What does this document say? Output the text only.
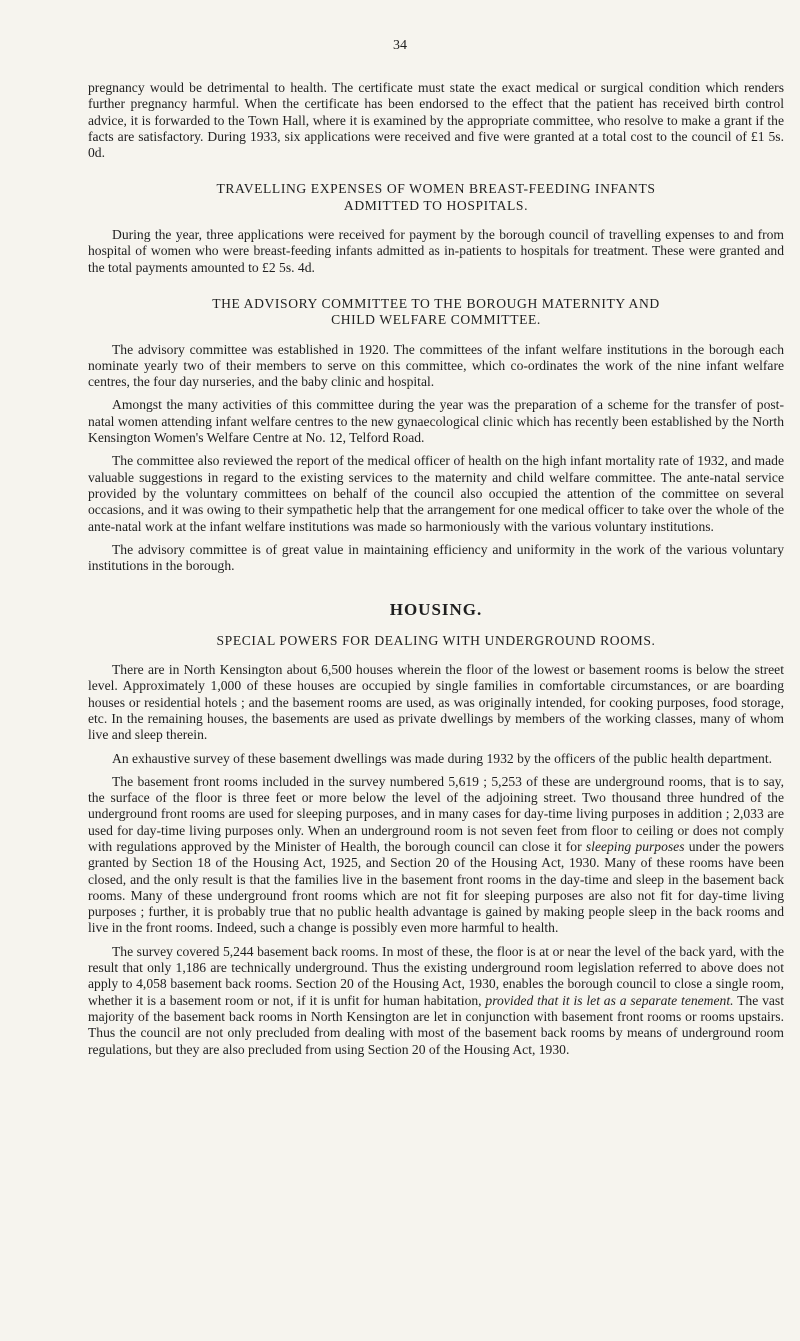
34

pregnancy would be detrimental to health. The certificate must state the exact medical or surgical condition which renders further pregnancy harmful. When the certificate has been endorsed to the effect that the patient has received birth control advice, it is forwarded to the Town Hall, where it is examined by the appropriate committee, who resolve to make a grant if the facts are satisfactory. During 1933, six applications were received and five were granted at a total cost to the council of £1 5s. 0d.

TRAVELLING EXPENSES OF WOMEN BREAST-FEEDING INFANTS
ADMITTED TO HOSPITALS.

During the year, three applications were received for payment by the borough council of travelling expenses to and from hospital of women who were breast-feeding infants admitted as in-patients to hospitals for treatment. These were granted and the total payments amounted to £2 5s. 4d.

THE ADVISORY COMMITTEE TO THE BOROUGH MATERNITY AND
CHILD WELFARE COMMITTEE.

The advisory committee was established in 1920. The committees of the infant welfare institutions in the borough each nominate yearly two of their members to serve on this committee, which co-ordinates the work of the nine infant welfare centres, the four day nurseries, and the baby clinic and hospital.

Amongst the many activities of this committee during the year was the preparation of a scheme for the transfer of post-natal women attending infant welfare centres to the new gynaecological clinic which has recently been established by the North Kensington Women's Welfare Centre at No. 12, Telford Road.

The committee also reviewed the report of the medical officer of health on the high infant mortality rate of 1932, and made valuable suggestions in regard to the existing services to the maternity and child welfare committee. The ante-natal service provided by the voluntary committees on behalf of the council also occupied the attention of the committee on several occasions, and it was owing to their sympathetic help that the arrangement for one medical officer to take over the whole of the ante-natal work at the infant welfare institutions was made so harmoniously with the various voluntary institutions.

The advisory committee is of great value in maintaining efficiency and uniformity in the work of the various voluntary institutions in the borough.

HOUSING.
SPECIAL POWERS FOR DEALING WITH UNDERGROUND ROOMS.

There are in North Kensington about 6,500 houses wherein the floor of the lowest or basement rooms is below the street level. Approximately 1,000 of these houses are occupied by single families in comfortable circumstances, or are boarding houses or residential hotels ; and the basement rooms are used, as was originally intended, for cooking purposes, food storage, etc. In the remaining houses, the basements are used as private dwellings by members of the working classes, many of whom live and sleep therein.

An exhaustive survey of these basement dwellings was made during 1932 by the officers of the public health department.

The basement front rooms included in the survey numbered 5,619 ; 5,253 of these are underground rooms, that is to say, the surface of the floor is three feet or more below the level of the adjoining street. Two thousand three hundred of the underground front rooms are used for sleeping purposes, and in many cases for day-time living purposes in addition ; 2,033 are used for day-time living purposes only. When an underground room is not seven feet from floor to ceiling or does not comply with regulations approved by the Minister of Health, the borough council can close it for sleeping purposes under the powers granted by Section 18 of the Housing Act, 1925, and Section 20 of the Housing Act, 1930. Many of these rooms have been closed, and the only result is that the families live in the basement front rooms in the day-time and sleep in the basement back rooms. Many of these underground front rooms which are not fit for sleeping purposes are also not fit for day-time living purposes ; further, it is probably true that no public health advantage is gained by making people sleep in the back rooms and live in the front rooms. Indeed, such a change is possibly even more harmful to health.

The survey covered 5,244 basement back rooms. In most of these, the floor is at or near the level of the back yard, with the result that only 1,186 are technically underground. Thus the existing underground room legislation referred to above does not apply to 4,058 basement back rooms. Section 20 of the Housing Act, 1930, enables the borough council to close a single room, whether it is a basement room or not, if it is unfit for human habitation, provided that it is let as a separate tenement. The vast majority of the basement back rooms in North Kensington are let in conjunction with basement front rooms or rooms upstairs. Thus the council are not only precluded from dealing with most of the basement back rooms by means of underground room regulations, but they are also precluded from using Section 20 of the Housing Act, 1930.
